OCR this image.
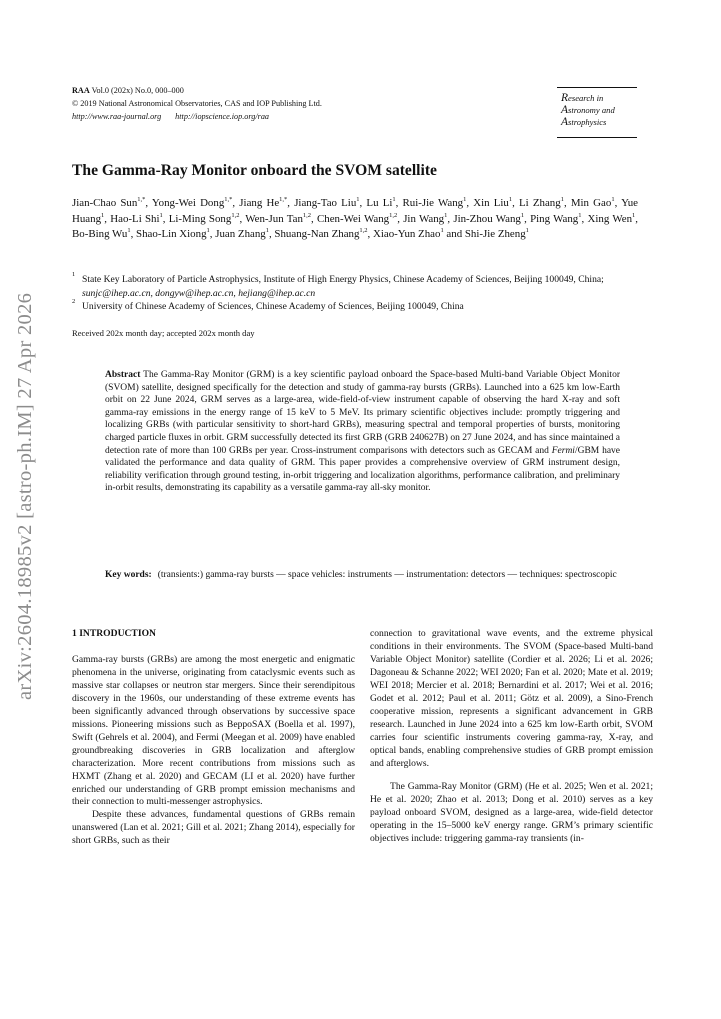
arXiv:2604.18985v2 [astro-ph.IM] 27 Apr 2026
RAA Vol.0 (202x) No.0, 000–000
© 2019 National Astronomical Observatories, CAS and IOP Publishing Ltd.
http://www.raa-journal.org http://iopscience.iop.org/raa
Research in
Astronomy and
Astrophysics
The Gamma-Ray Monitor onboard the SVOM satellite
Jian-Chao Sun$^{1,*}$, Yong-Wei Dong$^{1,*}$, Jiang $He^{1,*}$, Jiang-Tao Liu$^1$, Lu Li$^1$, Rui-Jie Wang$^1$, Xin Liu$^1$, Li Zhang$^1$, Min Gao$^1$, Yue Huang$^1$, Hao-Li Shi$^1$, Li-Ming Song$^{1,2}$, Wen-Jun Tan$^{1,2}$, Chen-Wei Wang$^{1,2}$, Jin Wang$^1$, Jin-Zhou Wang$^1$, Ping Wang$^1$, Xing Wen$^1$, Bo-Bing Wu$^1$, Shao-Lin Xiong$^1$, Juan Zhang$^1$, Shuang-Nan Zhang$^{1,2}$, Xiao-Yun Zhao$^1$ and Shi-Jie Zheng$^1$
1 State Key Laboratory of Particle Astrophysics, Institute of High Energy Physics, Chinese Academy of Sciences, Beijing 100049, China; sunjc@ihep.ac.cn, dongyw@ihep.ac.cn, hejiang@ihep.ac.cn
2 University of Chinese Academy of Sciences, Chinese Academy of Sciences, Beijing 100049, China
Received 202x month day; accepted 202x month day
Abstract The Gamma-Ray Monitor (GRM) is a key scientific payload onboard the Space-based Multi-band Variable Object Monitor (SVOM) satellite, designed specifically for the detection and study of gamma-ray bursts (GRBs). Launched into a 625 km low-Earth orbit on 22 June 2024, GRM serves as a large-area, wide-field-of-view instrument capable of observing the hard X-ray and soft gamma-ray emissions in the energy range of 15 keV to 5 MeV. Its primary scientific objectives include: promptly triggering and localizing GRBs (with particular sensitivity to short-hard GRBs), measuring spectral and temporal properties of bursts, monitoring charged particle fluxes in orbit. GRM successfully detected its first GRB (GRB 240627B) on 27 June 2024, and has since maintained a detection rate of more than 100 GRBs per year. Cross-instrument comparisons with detectors such as GECAM and Fermi/GBM have validated the performance and data quality of GRM. This paper provides a comprehensive overview of GRM instrument design, reliability verification through ground testing, in-orbit triggering and localization algorithms, performance calibration, and preliminary in-orbit results, demonstrating its capability as a versatile gamma-ray all-sky monitor.
Key words: (transients:) gamma-ray bursts — space vehicles: instruments — instrumentation: detectors — techniques: spectroscopic
1 INTRODUCTION

Gamma-ray bursts (GRBs) are among the most energetic and enigmatic phenomena in the universe, originating from cataclysmic events such as massive star collapses or neutron star mergers. Since their serendipitous discovery in the 1960s, our understanding of these extreme events has been significantly advanced through observations by successive space missions. Pioneering missions such as BeppoSAX (Boella et al. 1997), Swift (Gehrels et al. 2004), and Fermi (Meegan et al. 2009) have enabled groundbreaking discoveries in GRB localization and afterglow characterization. More recent contributions from missions such as HXMT (Zhang et al. 2020) and GECAM (LI et al. 2020) have further enriched our understanding of GRB prompt emission mechanisms and their connection to multi-messenger astrophysics.

Despite these advances, fundamental questions of GRBs remain unanswered (Lan et al. 2021; Gill et al. 2021; Zhang 2014), especially for short GRBs, such as their

connection to gravitational wave events, and the extreme physical conditions in their environments. The SVOM (Space-based Multi-band Variable Object Monitor) satellite (Cordier et al. 2026; Li et al. 2026; Dagoneau & Schanne 2022; WEI 2020; Fan et al. 2020; Mate et al. 2019; WEI 2018; Mercier et al. 2018; Bernardini et al. 2017; Wei et al. 2016; Godet et al. 2012; Paul et al. 2011; Götz et al. 2009), a Sino-French cooperative mission, represents a significant advancement in GRB research. Launched in June 2024 into a 625 km low-Earth orbit, SVOM carries four scientific instruments covering gamma-ray, X-ray, and optical bands, enabling comprehensive studies of GRB prompt emission and afterglows.

The Gamma-Ray Monitor (GRM) (He et al. 2025; Wen et al. 2021; He et al. 2020; Zhao et al. 2013; Dong et al. 2010) serves as a key payload onboard SVOM, designed as a large-area, wide-field detector operating in the 15–5000 keV energy range. GRM’s primary scientific objectives include: triggering gamma-ray transients (in-
